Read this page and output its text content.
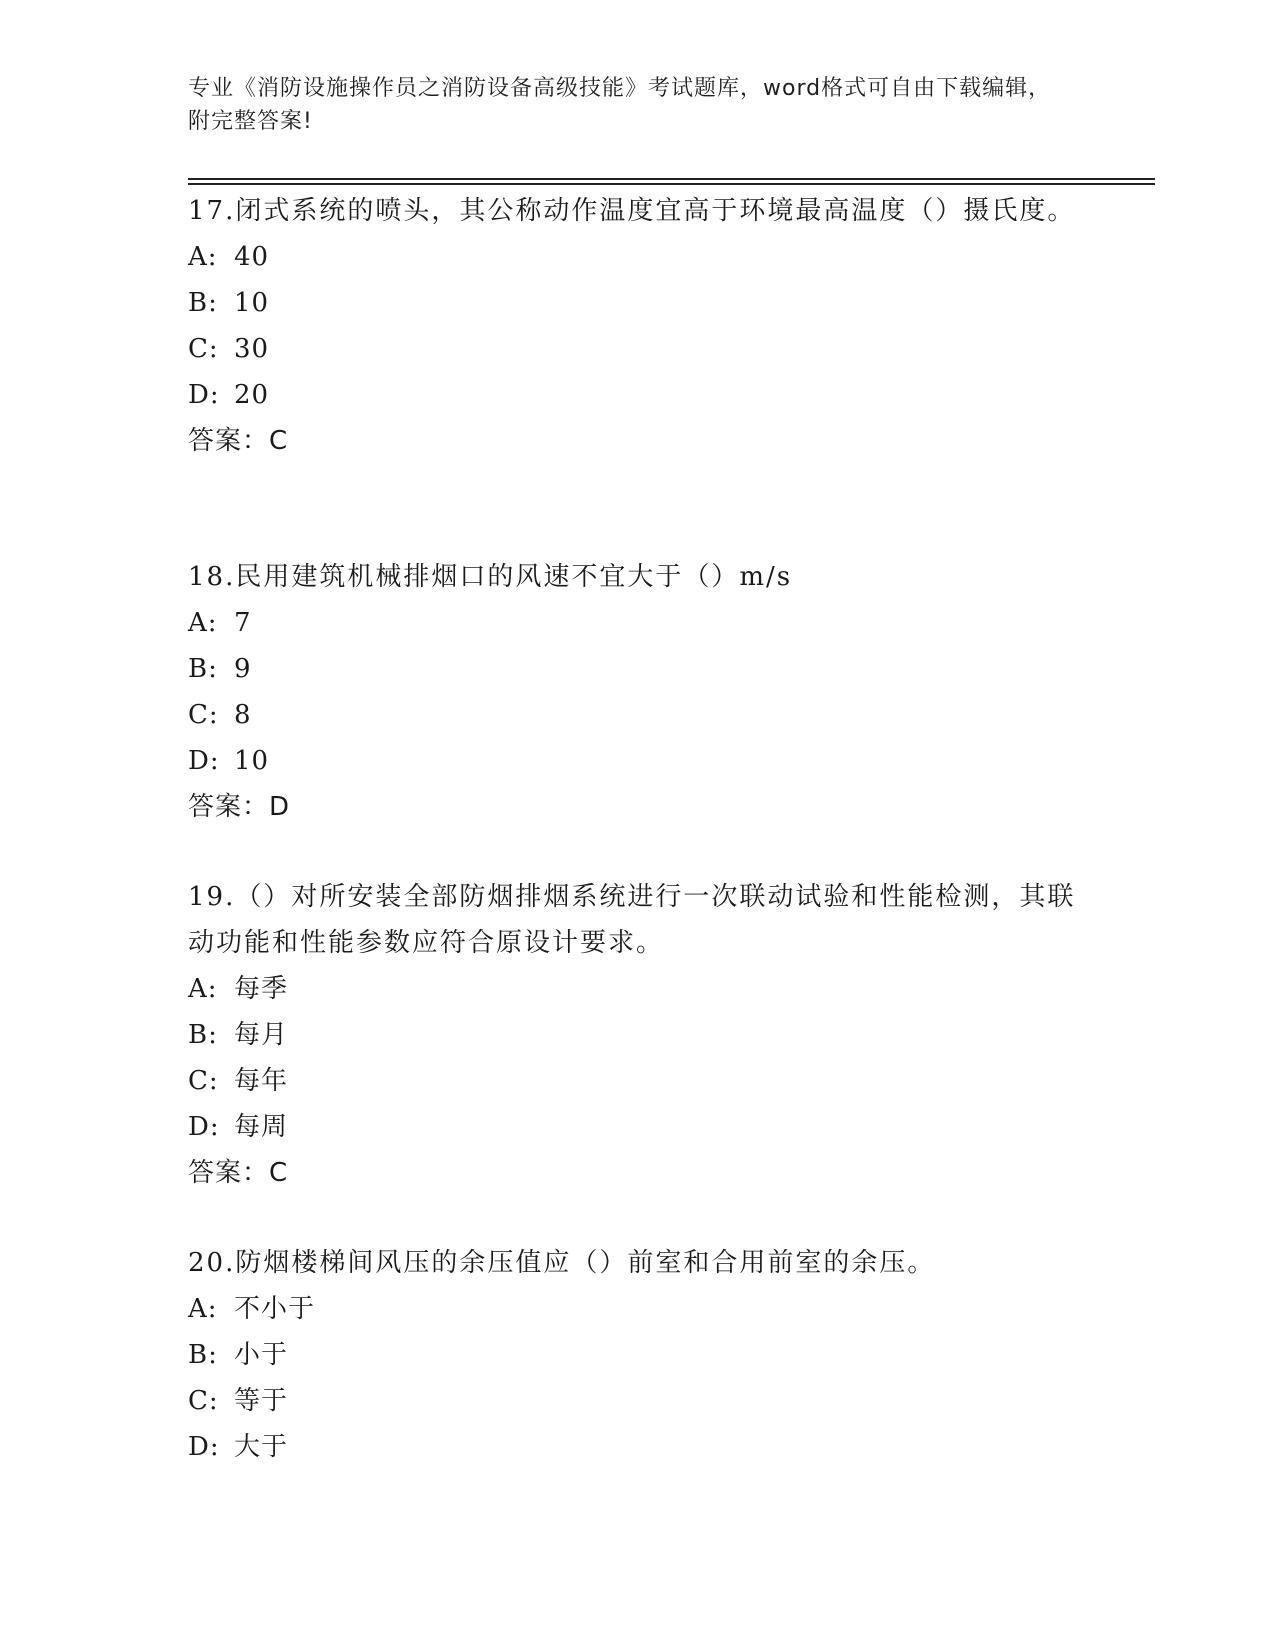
专业《消防设施操作员之消防设备高级技能》考试题库，word格式可自由下载编辑，附完整答案!

17.闭式系统的喷头，其公称动作温度宜高于环境最高温度（）摄氏度。

A: 40

B: 10

C: 30

D: 20

答案：C

18.民用建筑机械排烟口的风速不宜大于（）m/s

A: 7

B: 9

C: 8

D: 10

答案：D

19.（）对所安装全部防烟排烟系统进行一次联动试验和性能检测，其联动功能和性能参数应符合原设计要求。

A: 每季

B: 每月

C: 每年

D: 每周

答案：C

20.防烟楼梯间风压的余压值应（）前室和合用前室的余压。

A: 不小于

B: 小于

C: 等于

D: 大于
